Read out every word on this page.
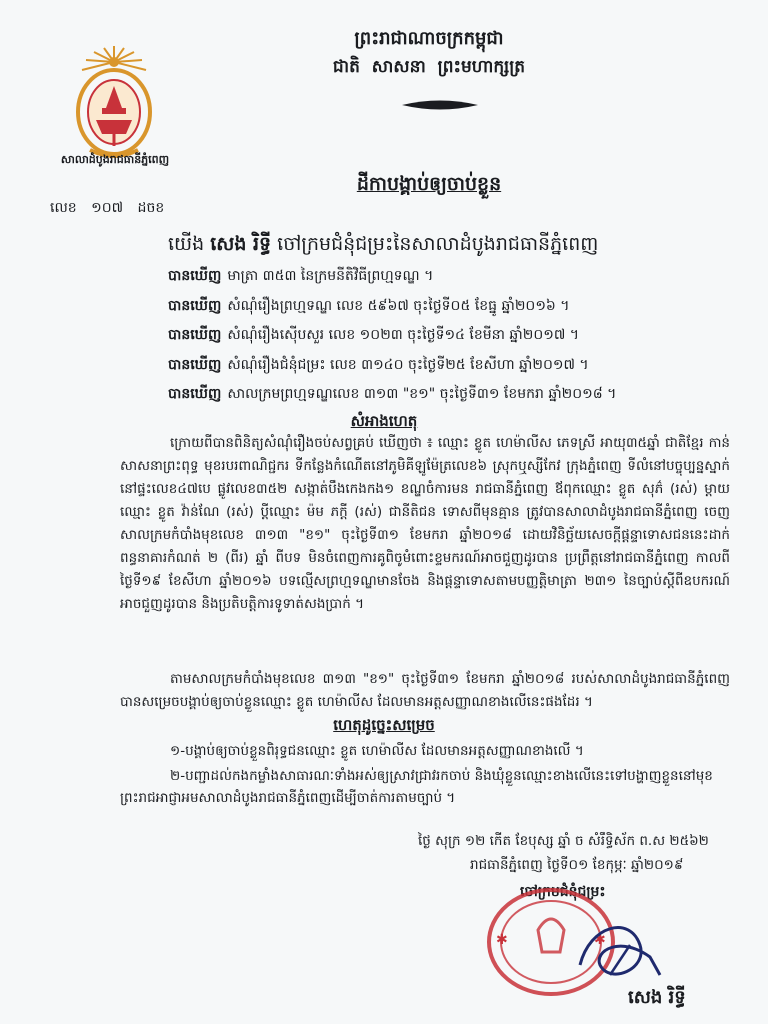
សាលាដំបូងរាជធានីភ្នំពេញ
ព្រះរាជាណាចក្រកម្ពុជា
ជាតិ សាសនា ព្រះមហាក្សត្រ
ដីកាបង្គាប់ឲ្យចាប់ខ្លួន
លេខ ១០៧ ដចខ
យើង សេង រិទ្ធី ចៅក្រមជំនុំជម្រះនៃសាលាដំបូងរាជធានីភ្នំពេញ
បានឃើញ មាត្រា ៣៥៣ នៃក្រមនីតិវិធីព្រហ្មទណ្ឌ ។
បានឃើញ សំណុំរឿងព្រហ្មទណ្ឌ លេខ ៥៩៦៧ ចុះថ្ងៃទី០៥ ខែធ្នូ ឆ្នាំ២០១៦ ។
បានឃើញ សំណុំរឿងស៊ើបសួរ លេខ ១០២៣ ចុះថ្ងៃទី១៤ ខែមីនា ឆ្នាំ២០១៧ ។
បានឃើញ សំណុំរឿងជំនុំជម្រះ លេខ ៣១៤០ ចុះថ្ងៃទី២៥ ខែសីហា ឆ្នាំ២០១៧ ។
បានឃើញ សាលក្រមព្រហ្មទណ្ឌលេខ ៣១៣ "ខ១" ចុះថ្ងៃទី៣១ ខែមករា ឆ្នាំ២០១៨ ។
សំអាងហេតុ
ក្រោយពីបានពិនិត្យសំណុំរឿងចប់សព្វគ្រប់ ឃើញថា ៖ ឈ្មោះ ខ្លូត ហេម៉ាលីស ភេទស្រី អាយុ៣៥ឆ្នាំ ជាតិខ្មែរ កាន់សាសនាព្រះពុទ្ធ មុខរបរពាណិជ្ជករ ទីកន្លែងកំណើតនៅភូមិគីឡូម៉ែត្រលេខ៦ ស្រុកឬស្សីកែវ ក្រុងភ្នំពេញ ទីលំនៅបច្ចុប្បន្នស្នាក់នៅផ្ទះលេខ៤៧បេ ផ្លូវលេខ៣៥២ សង្កាត់បឹងកេងកង១ ខណ្ឌចំការមន រាជធានីភ្នំពេញ ឪពុកឈ្មោះ ខ្លូត សុភ៌ (រស់) ម្ដាយឈ្មោះ ខ្លូត វ៉ាន់ណែ (រស់) ប្ដីឈ្មោះ ម៉ម ភក្ដី (រស់) ជានីតិជន ទោសពីមុនគ្មាន ត្រូវបានសាលាដំបូងរាជធានីភ្នំពេញ ចេញសាលក្រមកំបាំងមុខលេខ ៣១៣ "ខ១" ចុះថ្ងៃទី៣១ ខែមករា ឆ្នាំ២០១៨ ដោយវិនិច្ឆ័យសេចក្ដីផ្ដន្ទាទោសជននេះដាក់ពន្ធនាគារកំណត់ ២ (ពីរ) ឆ្នាំ ពីបទ មិនចំពេញការគូពិចូមំពោះខ្ទមករណ៍អាចជួញដូរបាន ប្រព្រឹត្តនៅរាជធានីភ្នំពេញ កាលពីថ្ងៃទី១៩ ខែសីហា ឆ្នាំ២០១៦ បទល្មើសព្រហ្មទណ្ឌមានចែង និងផ្ដន្ទាទោសតាមបញ្ញត្តិមាត្រា ២៣១ នៃច្បាប់ស្ដីពីឧបករណ៍អាចជួញដូរបាន និងប្រតិបត្តិការទូទាត់សងប្រាក់ ។
តាមសាលក្រមកំបាំងមុខលេខ ៣១៣ "ខ១" ចុះថ្ងៃទី៣១ ខែមករា ឆ្នាំ២០១៨ របស់សាលាដំបូងរាជធានីភ្នំពេញ បានសម្រេចបង្គាប់ឲ្យចាប់ខ្លួនឈ្មោះ ខ្លូត ហេម៉ាលីស ដែលមានអត្តសញ្ញាណខាងលើនេះផងដែរ ។
ហេតុដូច្នេះសម្រេច
១-បង្គាប់ឲ្យចាប់ខ្លួនពិរុទ្ធជនឈ្មោះ ខ្លូត ហេម៉ាលីស ដែលមានអត្តសញ្ញាណខាងលើ ។
២-បញ្ជាដល់កងកម្លាំងសាធារណៈទាំងអស់ឲ្យស្រាវជ្រាវរកចាប់ និងឃុំខ្លួនឈ្មោះខាងលើនេះទៅបង្ហាញខ្លួននៅមុខព្រះរាជអាជ្ញាអមសាលាដំបូងរាជធានីភ្នំពេញដើម្បីចាត់ការតាមច្បាប់ ។
ថ្ងៃ សុក្រ ១២ កើត ខែបុស្ស ឆ្នាំ ច សំរឹទ្ធិស័ក ព.ស ២៥៦២
រាជធានីភ្នំពេញ ថ្ងៃទី០១ ខែកុម្ភៈ ឆ្នាំ២០១៩
ចៅក្រមជំនុំជម្រះ
✱	✱
សេង រិទ្ធី
